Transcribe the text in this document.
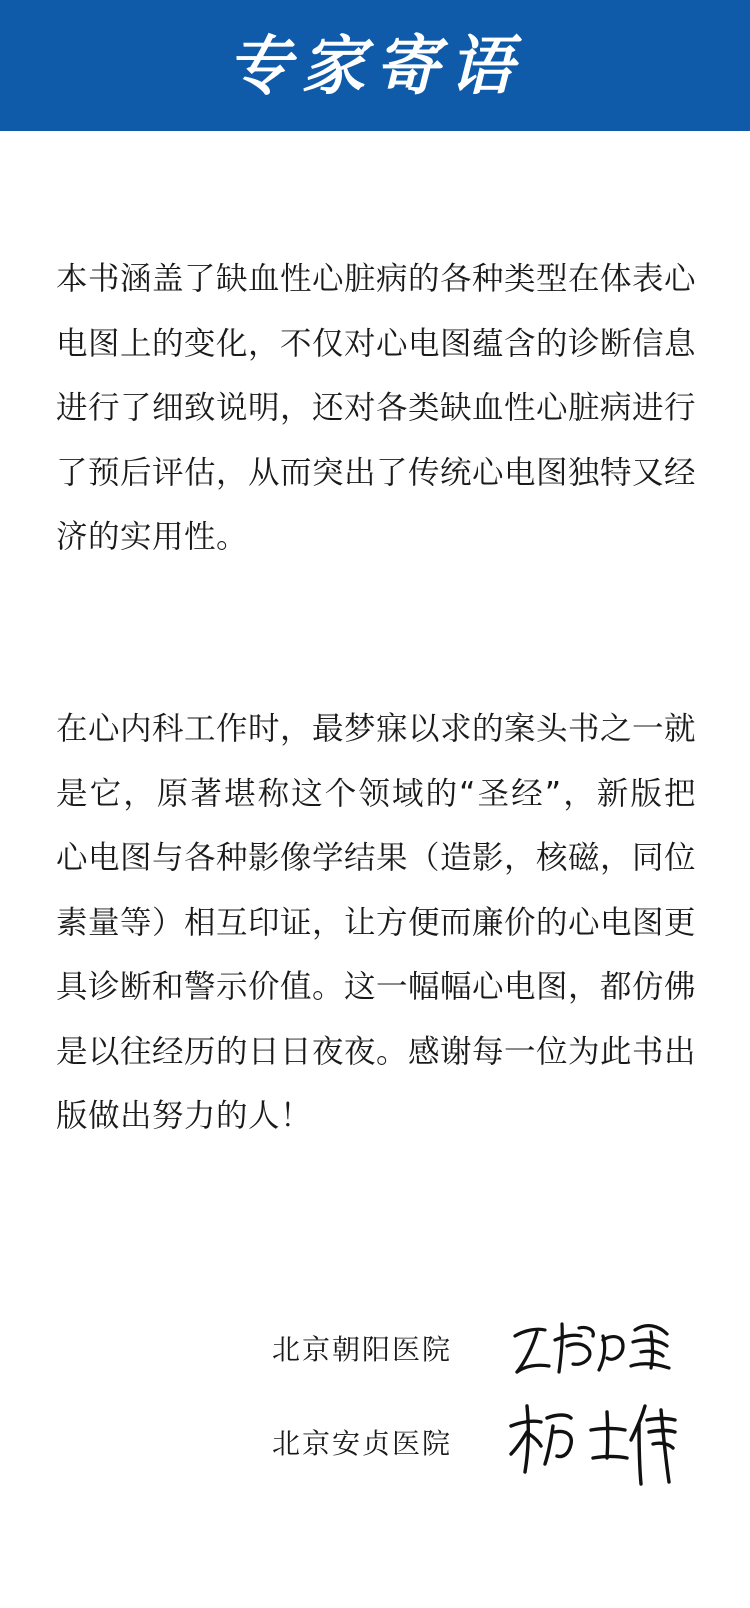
专家寄语
本书涵盖了缺血性心脏病的各种类型在体表心电图上的变化，不仅对心电图蕴含的诊断信息进行了细致说明，还对各类缺血性心脏病进行了预后评估，从而突出了传统心电图独特又经济的实用性。
在心内科工作时，最梦寐以求的案头书之一就是它，原著堪称这个领域的“圣经”，新版把心电图与各种影像学结果（造影，核磁，同位素量等）相互印证，让方便而廉价的心电图更具诊断和警示价值。这一幅幅心电图，都仿佛是以往经历的日日夜夜。感谢每一位为此书出版做出努力的人！
北京朝阳医院
北京安贞医院
